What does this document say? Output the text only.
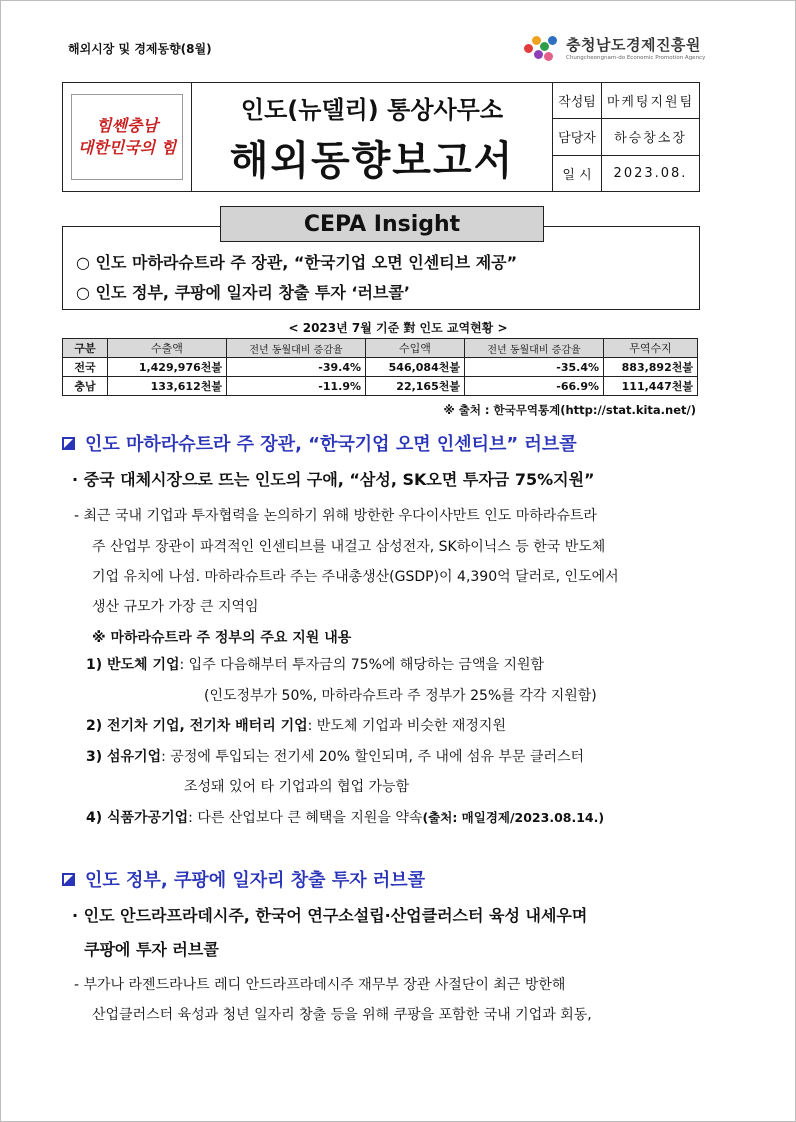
해외시장 및 경제동향(8월)	충청남도경제진흥원
Chungcheongnam-do Economic Promotion Agency
힘쎈충남
대한민국의 힘
인도(뉴델리) 통상사무소
해외동향보고서
작성팀 마케팅지원팀
담당자	하승창소장
일 시	2023.08.
CEPA Insight
○ 인도 마하라슈트라 주 장관, “한국기업 오면 인센티브 제공”
○ 인도 정부, 쿠팡에 일자리 창출 투자 ‘러브콜’
< 2023년 7월 기준 對 인도 교역현황 >
구분	수출액	전년 동월대비 증감율	수입액	전년 동월대비 증감율	무역수지
전국	1,429,976천불	-39.4%	546,084천불	-35.4%	883,892천불
충남	133,612천불	-11.9%	22,165천불	-66.9%	111,447천불
※ 출처 : 한국무역통계(http://stat.kita.net/)
인도 마하라슈트라 주 장관, “한국기업 오면 인센티브” 러브콜
· 중국 대체시장으로 뜨는 인도의 구애, “삼성, SK오면 투자금 75%지원”
- 최근 국내 기업과 투자협력을 논의하기 위해 방한한 우다이사만트 인도 마하라슈트라
주 산업부 장관이 파격적인 인센티브를 내걸고 삼성전자, SK하이닉스 등 한국 반도체
기업 유치에 나섬. 마하라슈트라 주는 주내총생산(GSDP)이 4,390억 달러로, 인도에서
생산 규모가 가장 큰 지역임
※ 마하라슈트라 주 정부의 주요 지원 내용
1) 반도체 기업: 입주 다음해부터 투자금의 75%에 해당하는 금액을 지원함
(인도정부가 50%, 마하라슈트라 주 정부가 25%를 각각 지원함)
2) 전기차 기업, 전기차 배터리 기업: 반도체 기업과 비슷한 재정지원
3) 섬유기업: 공정에 투입되는 전기세 20% 할인되며, 주 내에 섬유 부문 클러스터
조성돼 있어 타 기업과의 협업 가능함
4) 식품가공기업: 다른 산업보다 큰 혜택을 지원을 약속(출처: 매일경제/2023.08.14.)
인도 정부, 쿠팡에 일자리 창출 투자 러브콜
· 인도 안드라프라데시주, 한국어 연구소설립·산업클러스터 육성 내세우며
쿠팡에 투자 러브콜
- 부가나 라젠드라나트 레디 안드라프라데시주 재무부 장관 사절단이 최근 방한해
산업클러스터 육성과 청년 일자리 창출 등을 위해 쿠팡을 포함한 국내 기업과 회동,
